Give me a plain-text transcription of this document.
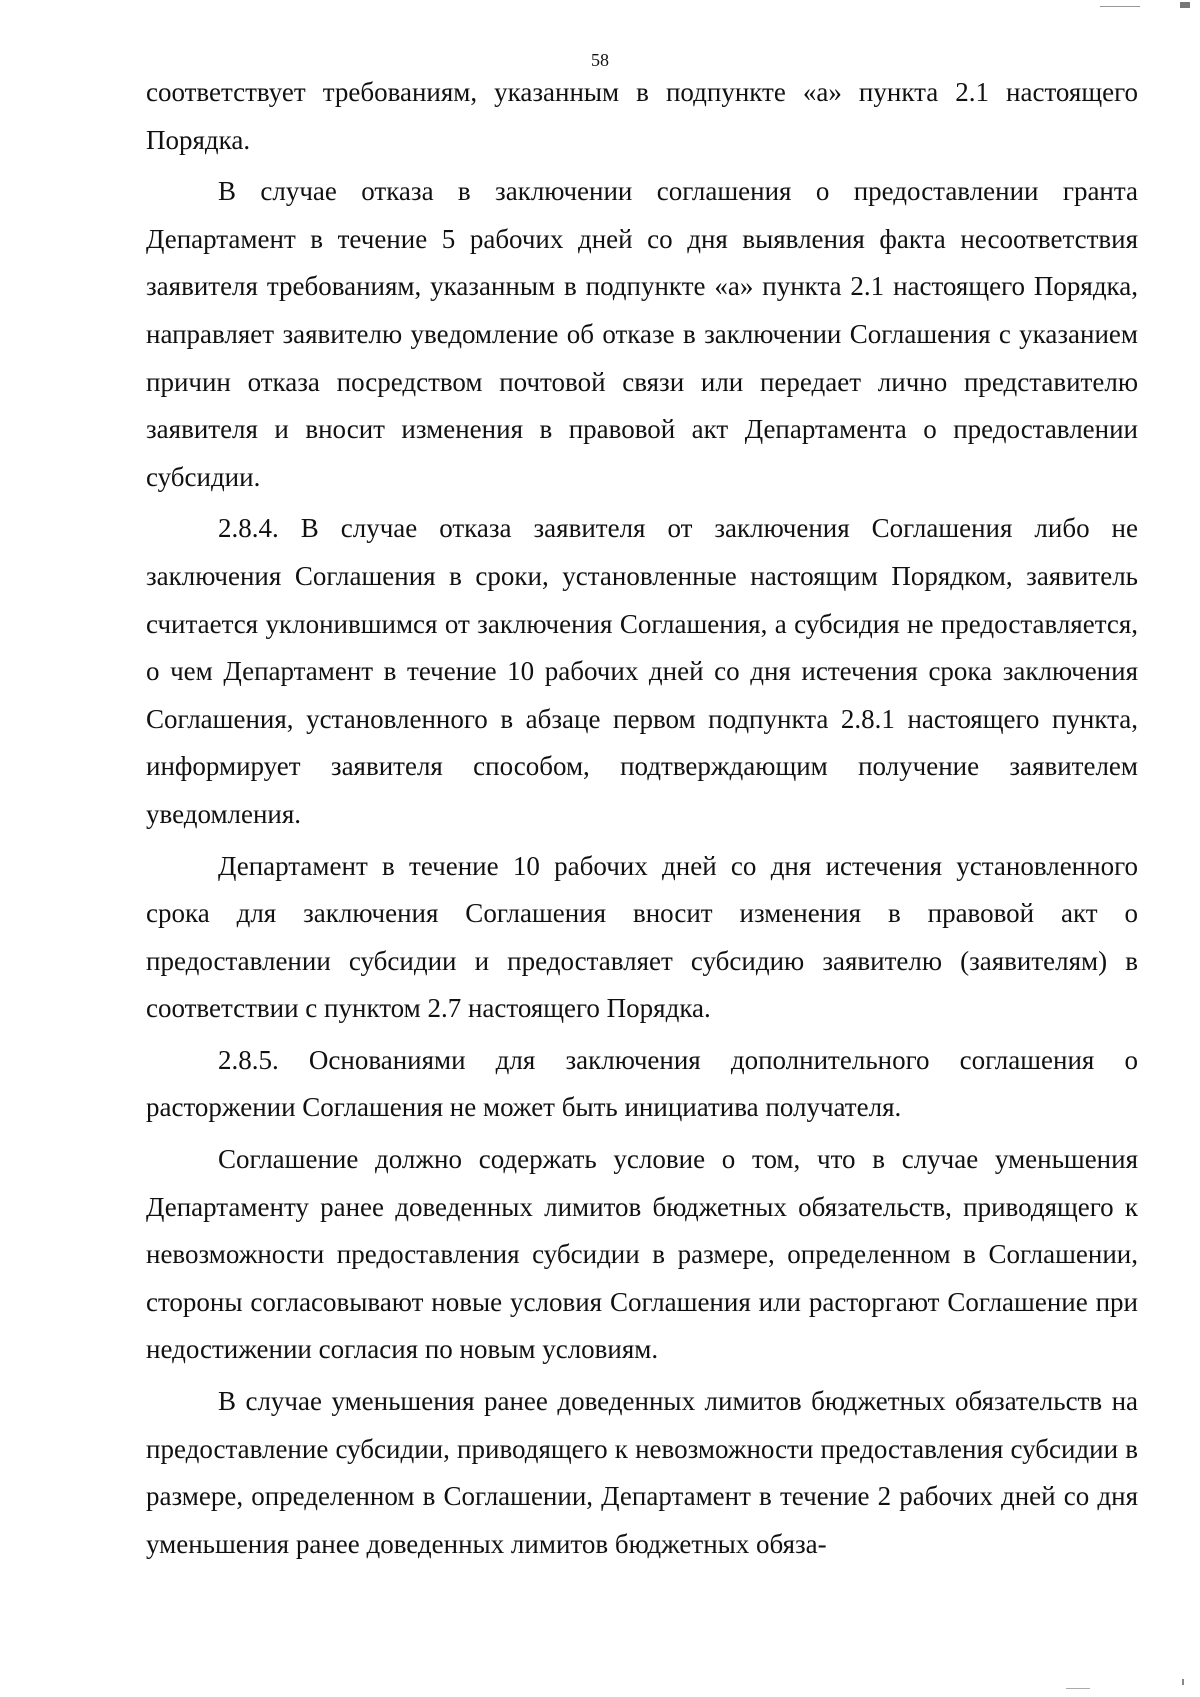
58

соответствует требованиям, указанным в подпункте «а» пункта 2.1 настоящего Порядка.

В случае отказа в заключении соглашения о предоставлении гранта Департамент в течение 5 рабочих дней со дня выявления факта несоответствия заявителя требованиям, указанным в подпункте «а» пункта 2.1 настоящего Порядка, направляет заявителю уведомление об отказе в заключении Соглашения с указанием причин отказа посредством почтовой связи или передает лично представителю заявителя и вносит изменения в правовой акт Департамента о предоставлении субсидии.

2.8.4. В случае отказа заявителя от заключения Соглашения либо не заключения Соглашения в сроки, установленные настоящим Порядком, заявитель считается уклонившимся от заключения Соглашения, а субсидия не предоставляется, о чем Департамент в течение 10 рабочих дней со дня истечения срока заключения Соглашения, установленного в абзаце первом подпункта 2.8.1 настоящего пункта, информирует заявителя способом, подтверждающим получение заявителем уведомления.

Департамент в течение 10 рабочих дней со дня истечения установленного срока для заключения Соглашения вносит изменения в правовой акт о предоставлении субсидии и предоставляет субсидию заявителю (заявителям) в соответствии с пунктом 2.7 настоящего Порядка.

2.8.5. Основаниями для заключения дополнительного соглашения о расторжении Соглашения не может быть инициатива получателя.

Соглашение должно содержать условие о том, что в случае уменьшения Департаменту ранее доведенных лимитов бюджетных обязательств, приводящего к невозможности предоставления субсидии в размере, определенном в Соглашении, стороны согласовывают новые условия Соглашения или расторгают Соглашение при недостижении согласия по новым условиям.

В случае уменьшения ранее доведенных лимитов бюджетных обязательств на предоставление субсидии, приводящего к невозможности предоставления субсидии в размере, определенном в Соглашении, Департамент в течение 2 рабочих дней со дня уменьшения ранее доведенных лимитов бюджетных обяза-
